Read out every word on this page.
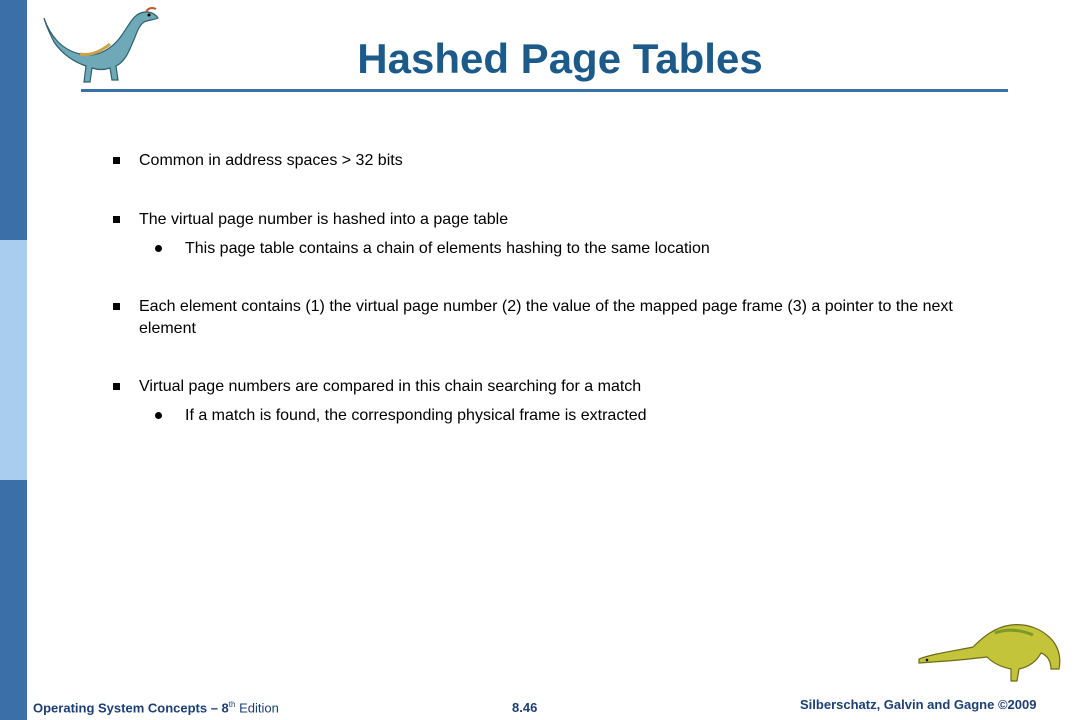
Hashed Page Tables
Common in address spaces > 32 bits
The virtual page number is hashed into a page table
This page table contains a chain of elements hashing to the same location
Each element contains (1) the virtual page number (2) the value of the mapped page frame (3) a pointer to the next element
Virtual page numbers are compared in this chain searching for a match
If a match is found, the corresponding physical frame is extracted
Operating System Concepts – 8th Edition	8.46	Silberschatz, Galvin and Gagne ©2009
